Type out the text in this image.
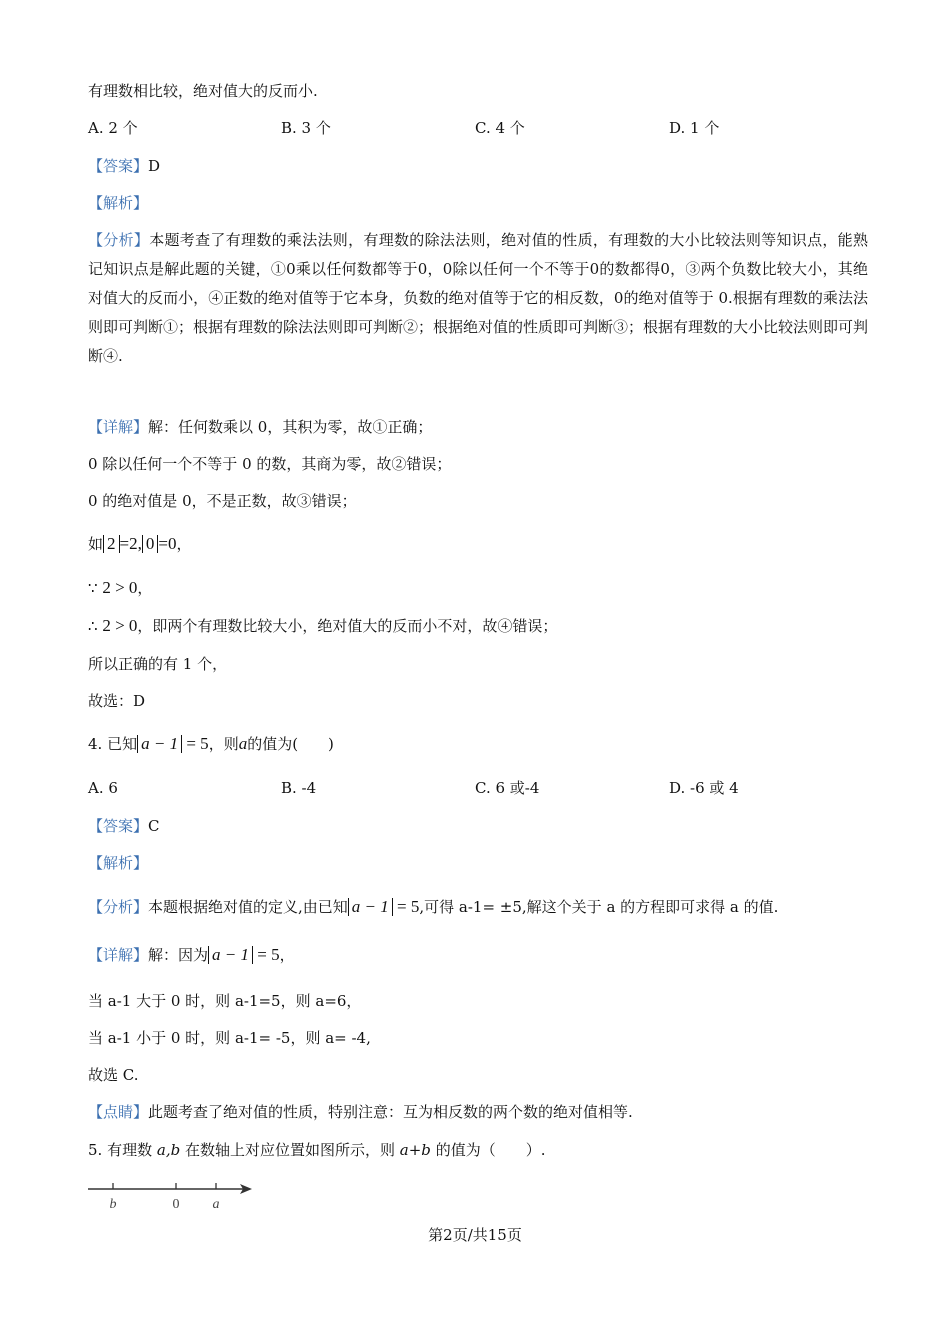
有理数相比较，绝对值大的反而小.
A. 2 个	B. 3 个	C. 4 个	D. 1 个
【答案】D
【解析】
【分析】本题考查了有理数的乘法法则，有理数的除法法则，绝对值的性质，有理数的大小比较法则等知识点，能熟记知识点是解此题的关键，①0乘以任何数都等于0，0除以任何一个不等于0的数都得0，③两个负数比较大小，其绝对值大的反而小，④正数的绝对值等于它本身，负数的绝对值等于它的相反数，0的绝对值等于 0.根据有理数的乘法法则即可判断①；根据有理数的除法法则即可判断②；根据绝对值的性质即可判断③；根据有理数的大小比较法则即可判断④.
【详解】解：任何数乘以 0，其积为零，故①正确；
0 除以任何一个不等于 0 的数，其商为零，故②错误；
0 的绝对值是 0，不是正数，故③错误；
如 2 =2, 0 =0，
∵ 2 > 0，
∴ 2 > 0，即两个有理数比较大小，绝对值大的反而小不对，故④错误；
所以正确的有 1 个，
故选：D
4. 已知 a − 1 = 5，则a的值为(　　)
A. 6	B. -4	C. 6 或-4	D. -6 或 4
【答案】C
【解析】
【分析】本题根据绝对值的定义,由已知 a − 1 = 5,可得 a-1= ±5,解这个关于 a 的方程即可求得 a 的值.
【详解】解：因为 a − 1 = 5，
当 a-1 大于 0 时，则 a-1=5，则 a=6，
当 a-1 小于 0 时，则 a-1= -5，则 a= -4,
故选 C.
【点睛】此题考查了绝对值的性质，特别注意：互为相反数的两个数的绝对值相等.
5. 有理数 a,b 在数轴上对应位置如图所示，则 a+b 的值为（　　）.
b	0 a
第2页/共15页
